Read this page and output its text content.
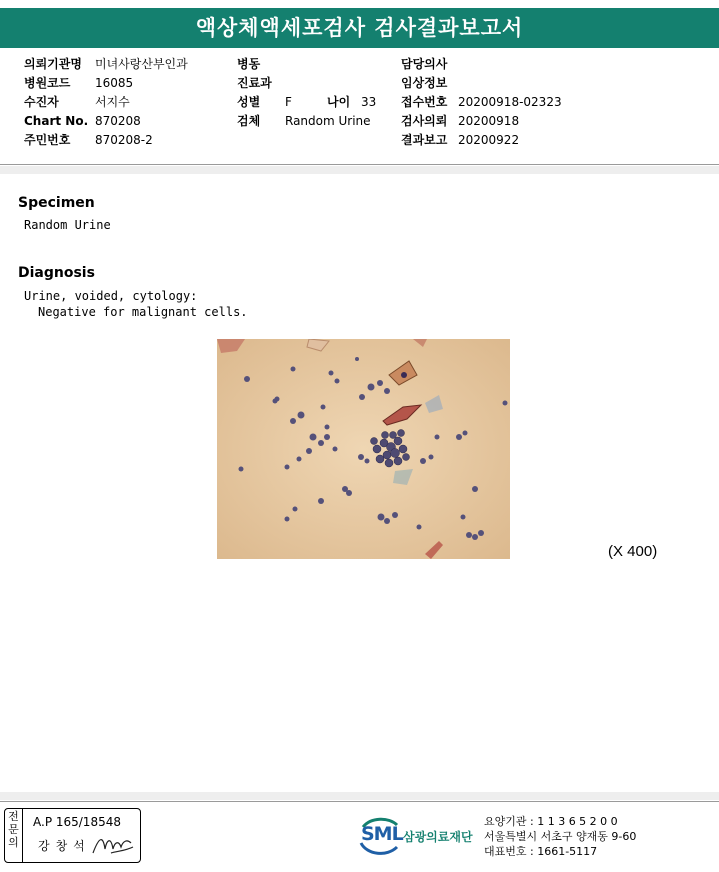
액상체액세포검사 검사결과보고서
의뢰기관명 미녀사랑산부인과
병원코드 16085
수진자	서지수
Chart No. 870208
주민번호 870208-2
병동
진료과
성별 F	나이 33
검체 Random Urine
담당의사
임상정보
접수번호 20200918-02323
검사의뢰 20200918
결과보고 20200922
Specimen
Random Urine
Diagnosis
Urine, voided, cytology:
Negative for malignant cells.
(X 400)
전문의
A.P 165/18548
강창석
SML 삼광의료재단
요양기관 : 1 1 3 6 5 2 0 0
서울특별시 서초구 양재동 9-60
대표번호 : 1661-5117
